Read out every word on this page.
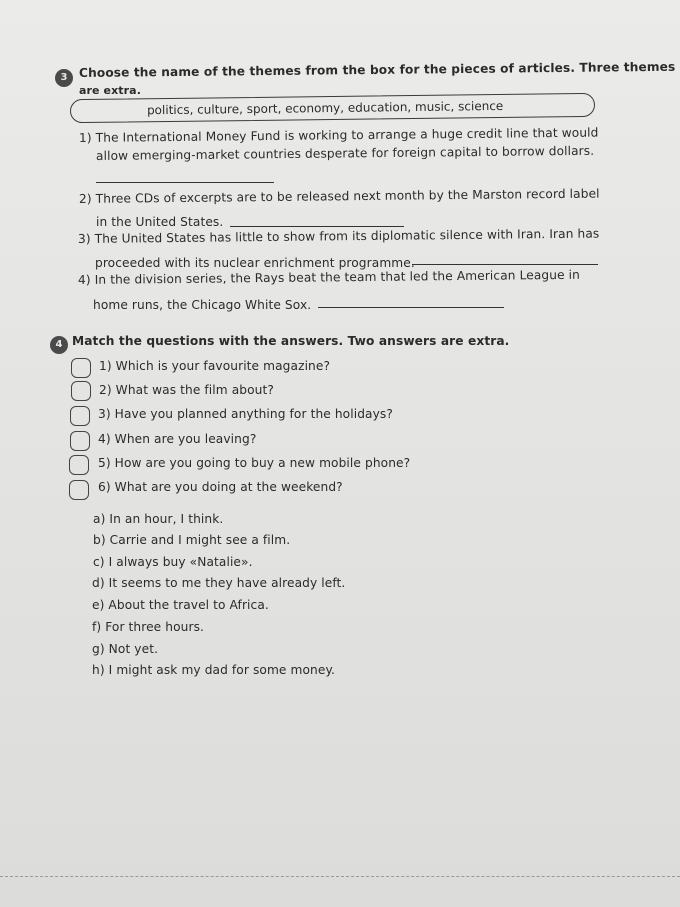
3 Choose the name of the themes from the box for the pieces of articles. Three themes
are extra.
politics, culture, sport, economy, education, music, science
1) The International Money Fund is working to arrange a huge credit line that would
allow emerging-market countries desperate for foreign capital to borrow dollars.
2) Three CDs of excerpts are to be released next month by the Marston record label
in the United States.
3) The United States has little to show from its diplomatic silence with Iran. Iran has
proceeded with its nuclear enrichment programme.
4) In the division series, the Rays beat the team that led the American League in
home runs, the Chicago White Sox.
4 Match the questions with the answers. Two answers are extra.
1) Which is your favourite magazine?
2) What was the film about?
3) Have you planned anything for the holidays?
4) When are you leaving?
5) How are you going to buy a new mobile phone?
6) What are you doing at the weekend?
a) In an hour, I think.
b) Carrie and I might see a film.
c) I always buy «Natalie».
d) It seems to me they have already left.
e) About the travel to Africa.
f) For three hours.
g) Not yet.
h) I might ask my dad for some money.
